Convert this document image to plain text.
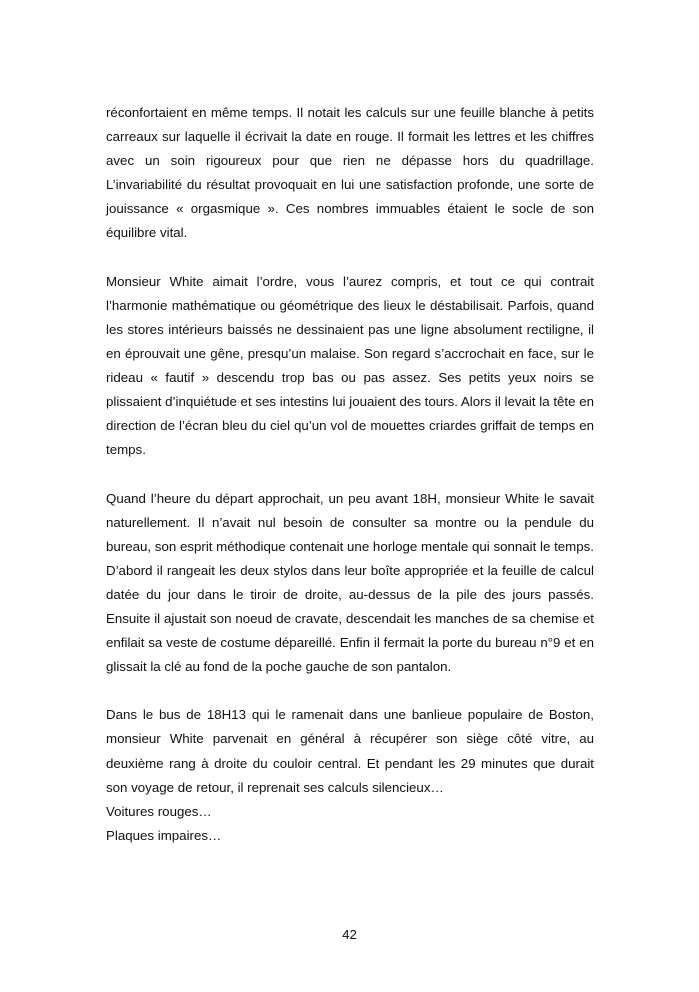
réconfortaient en même temps. Il notait les calculs sur une feuille blanche à petits carreaux sur laquelle il écrivait la date en rouge. Il formait les lettres et les chiffres avec un soin rigoureux pour que rien ne dépasse hors du quadrillage. L’invariabilité du résultat provoquait en lui une satisfaction profonde, une sorte de jouissance « orgasmique ». Ces nombres immuables étaient le socle de son équilibre vital.

Monsieur White aimait l’ordre, vous l’aurez compris, et tout ce qui contrait l’harmonie mathématique ou géométrique des lieux le déstabilisait. Parfois, quand les stores intérieurs baissés ne dessinaient pas une ligne absolument rectiligne, il en éprouvait une gêne, presqu’un malaise. Son regard s’accrochait en face, sur le rideau « fautif » descendu trop bas ou pas assez. Ses petits yeux noirs se plissaient d’inquiétude et ses intestins lui jouaient des tours. Alors il levait la tête en direction de l’écran bleu du ciel qu’un vol de mouettes criardes griffait de temps en temps.

Quand l’heure du départ approchait, un peu avant 18H, monsieur White le savait naturellement. Il n’avait nul besoin de consulter sa montre ou la pendule du bureau, son esprit méthodique contenait une horloge mentale qui sonnait le temps. D’abord il rangeait les deux stylos dans leur boîte appropriée et la feuille de calcul datée du jour dans le tiroir de droite, au-dessus de la pile des jours passés. Ensuite il ajustait son noeud de cravate, descendait les manches de sa chemise et enfilait sa veste de costume dépareillé. Enfin il fermait la porte du bureau n°9 et en glissait la clé au fond de la poche gauche de son pantalon.

Dans le bus de 18H13 qui le ramenait dans une banlieue populaire de Boston, monsieur White parvenait en général à récupérer son siège côté vitre, au deuxième rang à droite du couloir central. Et pendant les 29 minutes que durait son voyage de retour, il reprenait ses calculs silencieux…

Voitures rouges…

Plaques impaires…

42
